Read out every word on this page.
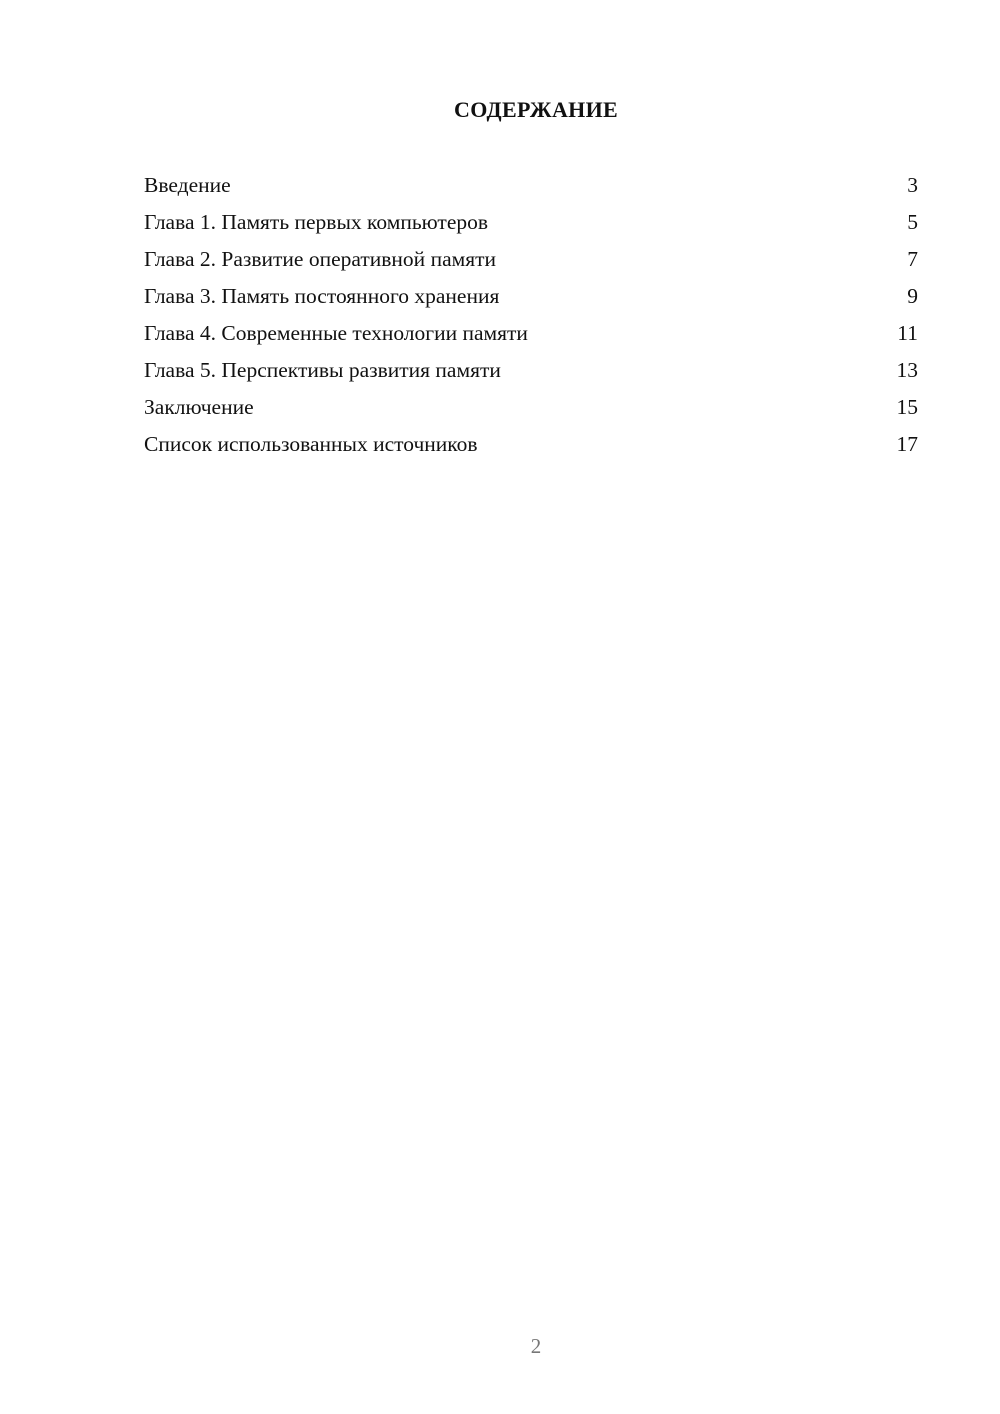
СОДЕРЖАНИЕ
Введение	3
Глава 1. Память первых компьютеров	5
Глава 2. Развитие оперативной памяти	7
Глава 3. Память постоянного хранения	9
Глава 4. Современные технологии памяти	11
Глава 5. Перспективы развития памяти	13
Заключение	15
Список использованных источников	17
2
